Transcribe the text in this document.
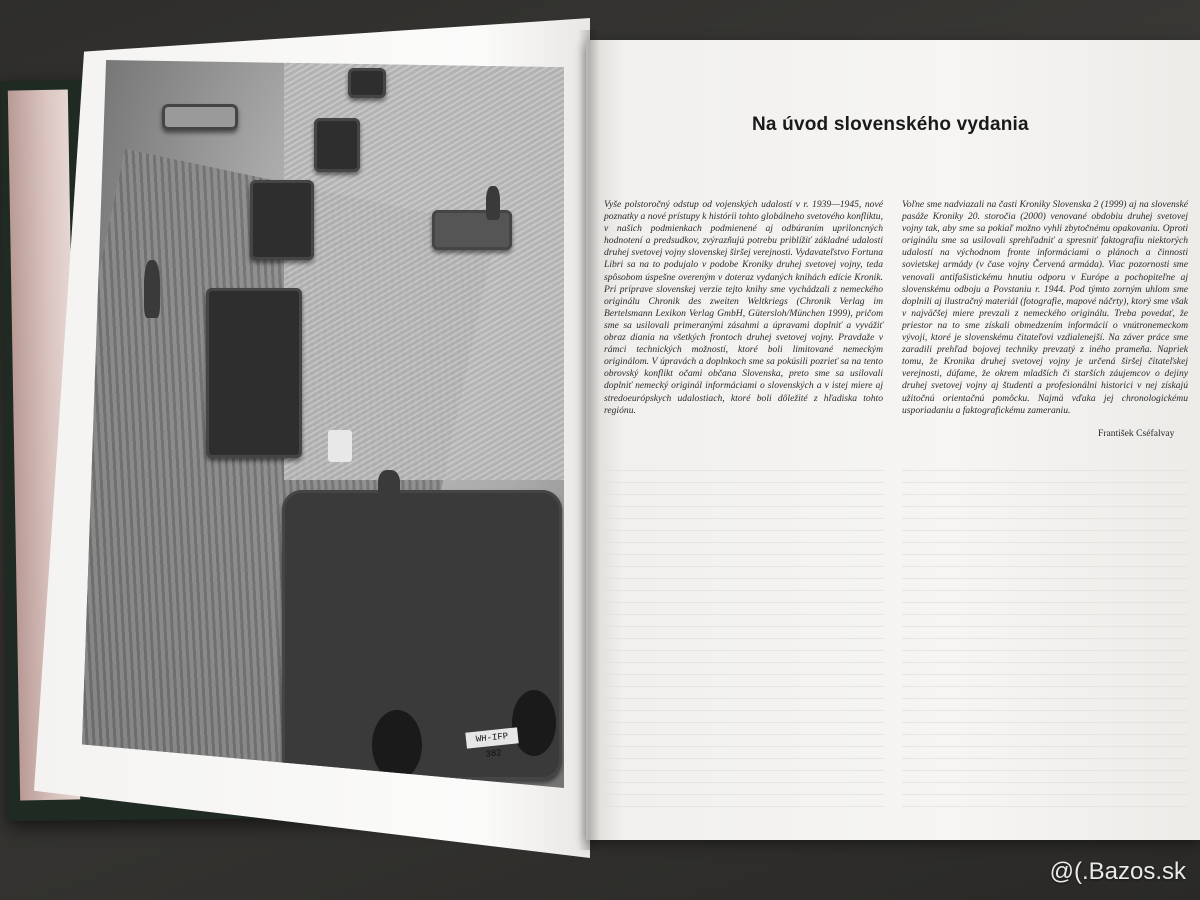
WH-IFP 382
Na úvod slovenského vydania
Vyše polstoročný odstup od vojenských udalostí v r. 1939—1945, nové poznatky a nové prístupy k histórii tohto globálneho svetového konfliktu, v našich podmienkach podmienené aj odbúraním upriloncných hodnotení a predsudkov, zvýrazňujú potrebu priblížiť základné udalosti druhej svetovej vojny slovenskej širšej verejnosti. Vydavateľstvo Fortuna Libri sa na to podujalo v podobe Kroniky druhej svetovej vojny, teda spôsobom úspešne overeným v doteraz vydaných knihách edície Kronik. Pri príprave slovenskej verzie tejto knihy sme vychádzali z nemeckého originálu Chronik des zweiten Weltkriegs (Chronik Verlag im Bertelsmann Lexikon Verlag GmbH, Gütersloh/München 1999), pričom sme sa usilovali primeranými zásahmi a úpravami doplniť a vyvážiť obraz diania na všetkých frontoch druhej svetovej vojny. Pravdaže v rámci technických možností, ktoré boli limitované nemeckým originálom. V úpravách a doplnkoch sme sa pokúsili pozrieť sa na tento obrovský konflikt očami občana Slovenska, preto sme sa usilovali doplniť nemecký originál informáciami o slovenských a v istej miere aj stredoeurópskych udalostiach, ktoré boli dôležité z hľadiska tohto regiónu.
Voľne sme nadviazali na časti Kroniky Slovenska 2 (1999) aj na slovenské pasáže Kroniky 20. storočia (2000) venované obdobiu druhej svetovej vojny tak, aby sme sa pokiaľ možno vyhli zbytočnému opakovaniu. Oproti originálu sme sa usilovali sprehľadniť a spresniť faktografiu niektorých udalostí na východnom fronte informáciami o plánoch a činnosti sovietskej armády (v čase vojny Červená armáda). Viac pozornosti sme venovali antifašistickému hnutiu odporu v Európe a pochopiteľne aj slovenskému odboju a Povstaniu r. 1944. Pod týmto zorným uhlom sme doplnili aj ilustračný materiál (fotografie, mapové náčrty), ktorý sme však v najväčšej miere prevzali z nemeckého originálu. Treba povedať, že priestor na to sme získali obmedzením informácií o vnútronemeckom vývoji, ktoré je slovenskému čitateľovi vzdialenejší. Na záver práce sme zaradili prehľad bojovej techniky prevzatý z iného prameňa. Napriek tomu, že Kronika druhej svetovej vojny je určená širšej čitateľskej verejnosti, dúfame, že okrem mladších či starších záujemcov o dejiny druhej svetovej vojny aj študenti a profesionálni historici v nej získajú užitočnú orientačnú pomôcku. Najmä vďaka jej chronologickému usporiadaniu a faktografickému zameraniu.
František Cséfalvay
@(.Bazos.sk
